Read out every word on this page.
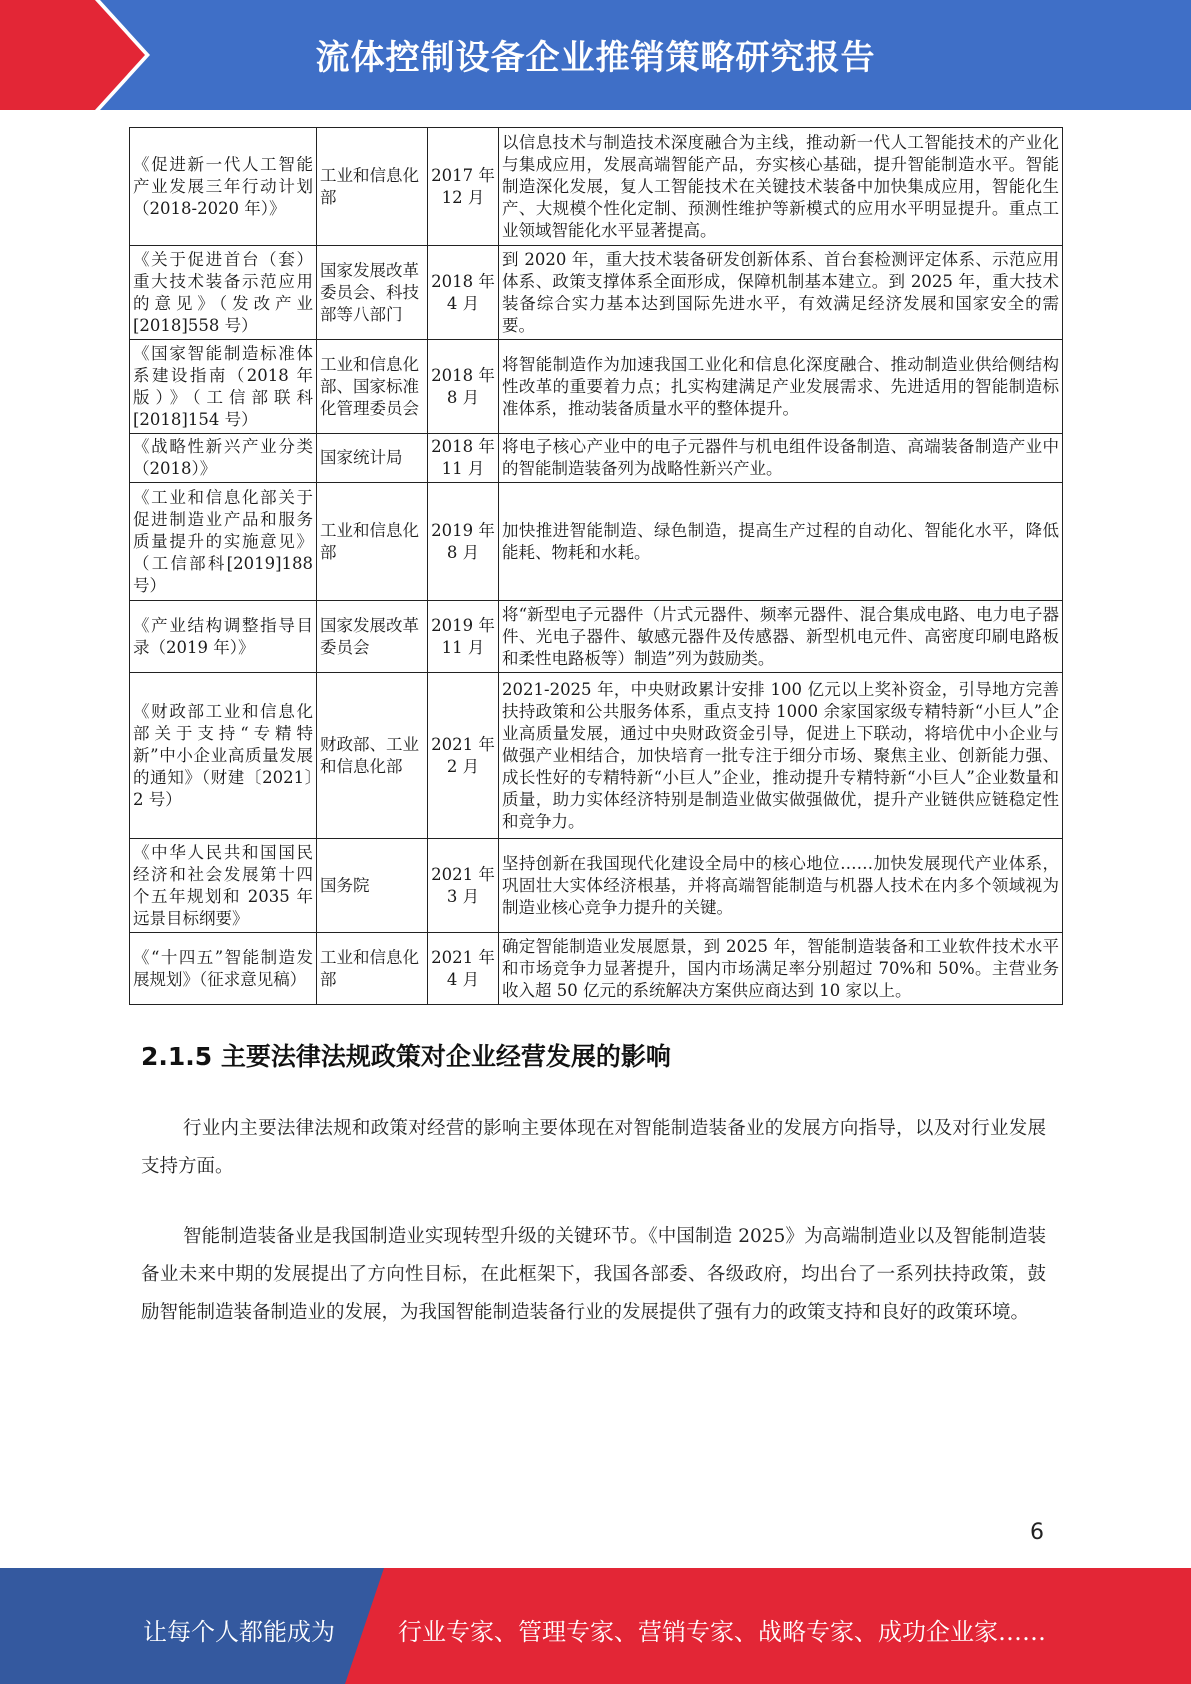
流体控制设备企业推销策略研究报告
《促进新一代人工智能产业发展三年行动计划（2018-2020 年）》	工业和信息化部	2017 年 12 月	以信息技术与制造技术深度融合为主线，推动新一代人工智能技术的产业化与集成应用，发展高端智能产品，夯实核心基础，提升智能制造水平。智能制造深化发展，复人工智能技术在关键技术装备中加快集成应用，智能化生产、大规模个性化定制、预测性维护等新模式的应用水平明显提升。重点工业领域智能化水平显著提高。
《关于促进首台（套）重大技术装备示范应用的意见》（发改产业[2018]558 号）	国家发展改革委员会、科技部等八部门	2018 年 4 月	到 2020 年，重大技术装备研发创新体系、首台套检测评定体系、示范应用体系、政策支撑体系全面形成，保障机制基本建立。到 2025 年，重大技术装备综合实力基本达到国际先进水平，有效满足经济发展和国家安全的需要。
《国家智能制造标准体系建设指南（2018 年版）》（工信部联科[2018]154 号）	工业和信息化部、国家标准化管理委员会	2018 年 8 月	将智能制造作为加速我国工业化和信息化深度融合、推动制造业供给侧结构性改革的重要着力点；扎实构建满足产业发展需求、先进适用的智能制造标准体系，推动装备质量水平的整体提升。
《战略性新兴产业分类（2018）》	国家统计局	2018 年 11 月	将电子核心产业中的电子元器件与机电组件设备制造、高端装备制造产业中的智能制造装备列为战略性新兴产业。
《工业和信息化部关于促进制造业产品和服务质量提升的实施意见》（工信部科[2019]188 号）	工业和信息化部	2019 年 8 月	加快推进智能制造、绿色制造，提高生产过程的自动化、智能化水平，降低能耗、物耗和水耗。
《产业结构调整指导目录（2019 年）》	国家发展改革委员会	2019 年 11 月	将“新型电子元器件（片式元器件、频率元器件、混合集成电路、电力电子器件、光电子器件、敏感元器件及传感器、新型机电元件、高密度印刷电路板和柔性电路板等）制造”列为鼓励类。
《财政部工业和信息化部关于支持“专精特新”中小企业高质量发展的通知》（财建〔2021〕2 号）	财政部、工业和信息化部	2021 年 2 月	2021-2025 年，中央财政累计安排 100 亿元以上奖补资金，引导地方完善扶持政策和公共服务体系，重点支持 1000 余家国家级专精特新“小巨人”企业高质量发展，通过中央财政资金引导，促进上下联动，将培优中小企业与做强产业相结合，加快培育一批专注于细分市场、聚焦主业、创新能力强、成长性好的专精特新“小巨人”企业，推动提升专精特新“小巨人”企业数量和质量，助力实体经济特别是制造业做实做强做优，提升产业链供应链稳定性和竞争力。
《中华人民共和国国民经济和社会发展第十四个五年规划和 2035 年远景目标纲要》	国务院	2021 年 3 月	坚持创新在我国现代化建设全局中的核心地位……加快发展现代产业体系，巩固壮大实体经济根基，并将高端智能制造与机器人技术在内多个领域视为制造业核心竞争力提升的关键。
《“十四五”智能制造发展规划》（征求意见稿）	工业和信息化部	2021 年 4 月	确定智能制造业发展愿景，到 2025 年，智能制造装备和工业软件技术水平和市场竞争力显著提升，国内市场满足率分别超过 70%和 50%。主营业务收入超 50 亿元的系统解决方案供应商达到 10 家以上。
2.1.5 主要法律法规政策对企业经营发展的影响
行业内主要法律法规和政策对经营的影响主要体现在对智能制造装备业的发展方向指导，以及对行业发展支持方面。
智能制造装备业是我国制造业实现转型升级的关键环节。《中国制造 2025》为高端制造业以及智能制造装备业未来中期的发展提出了方向性目标，在此框架下，我国各部委、各级政府，均出台了一系列扶持政策，鼓励智能制造装备制造业的发展，为我国智能制造装备行业的发展提供了强有力的政策支持和良好的政策环境。
6
让每个人都能成为	行业专家、管理专家、营销专家、战略专家、成功企业家……
